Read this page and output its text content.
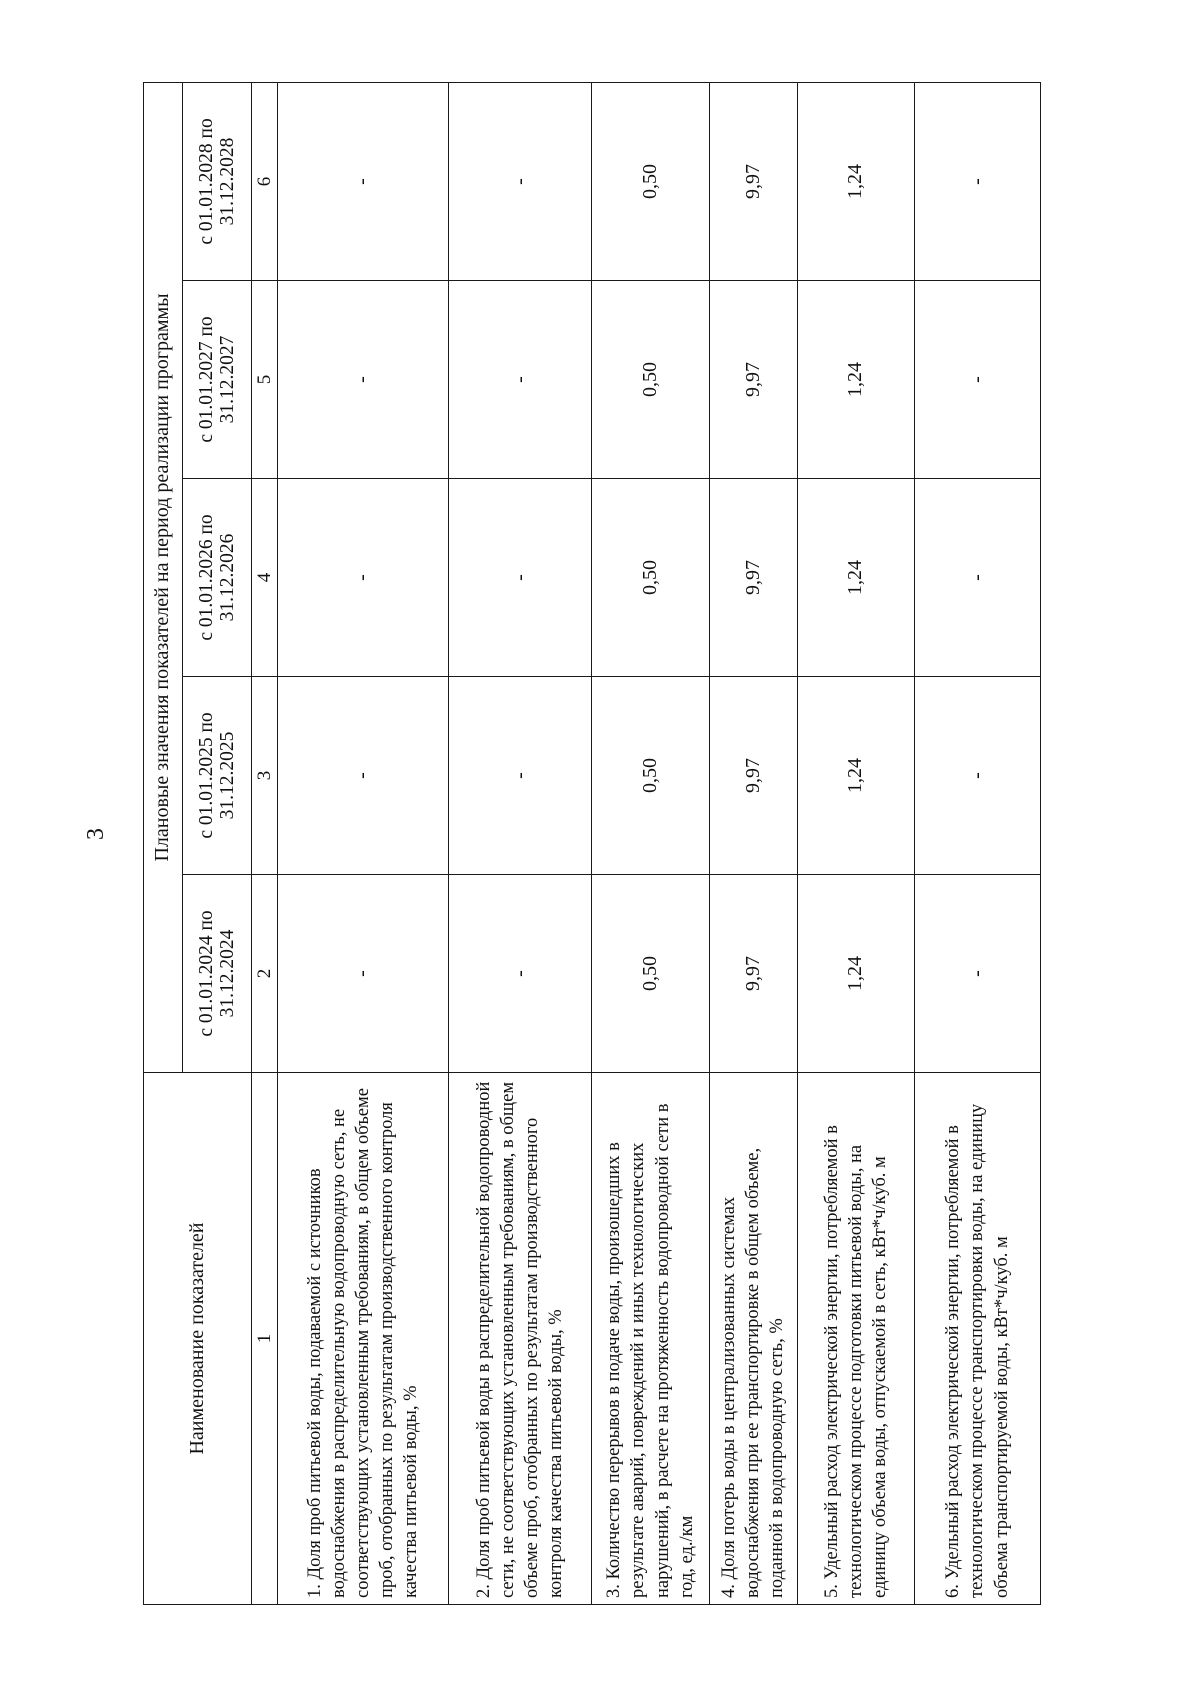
3
Наименование показателей	Плановые значения показателей на период реализации программы				
	с 01.01.2024 по 31.12.2024	с 01.01.2025 по 31.12.2025	с 01.01.2026 по 31.12.2026	с 01.01.2027 по 31.12.2027	с 01.01.2028 по 31.12.2028
1	2	3	4	5	6
1. Доля проб питьевой воды, подаваемой с источников водоснабжения в распределительную водопроводную сеть, не соответствующих установленным требованиям, в общем объеме проб, отобранных по результатам производственного контроля качества питьевой воды, %	-	-	-	-	-
2. Доля проб питьевой воды в распределительной водопроводной сети, не соответствующих установленным требованиям, в общем объеме проб, отобранных по результатам производственного контроля качества питьевой воды, %	-	-	-	-	-
3. Количество перерывов в подаче воды, произошедших в результате аварий, повреждений и иных технологических нарушений, в расчете на протяженность водопроводной сети в год, ед./км	0,50	0,50	0,50	0,50	0,50
4. Доля потерь воды в централизованных системах водоснабжения при ее транспортировке в общем объеме, поданной в водопроводную сеть, %	9,97	9,97	9,97	9,97	9,97
5. Удельный расход электрической энергии, потребляемой в технологическом процессе подготовки питьевой воды, на единицу объема воды, отпускаемой в сеть, кВт*ч/куб. м	1,24	1,24	1,24	1,24	1,24
6. Удельный расход электрической энергии, потребляемой в технологическом процессе транспортировки воды, на единицу объема транспортируемой воды, кВт*ч/куб. м	-	-	-	-	-
